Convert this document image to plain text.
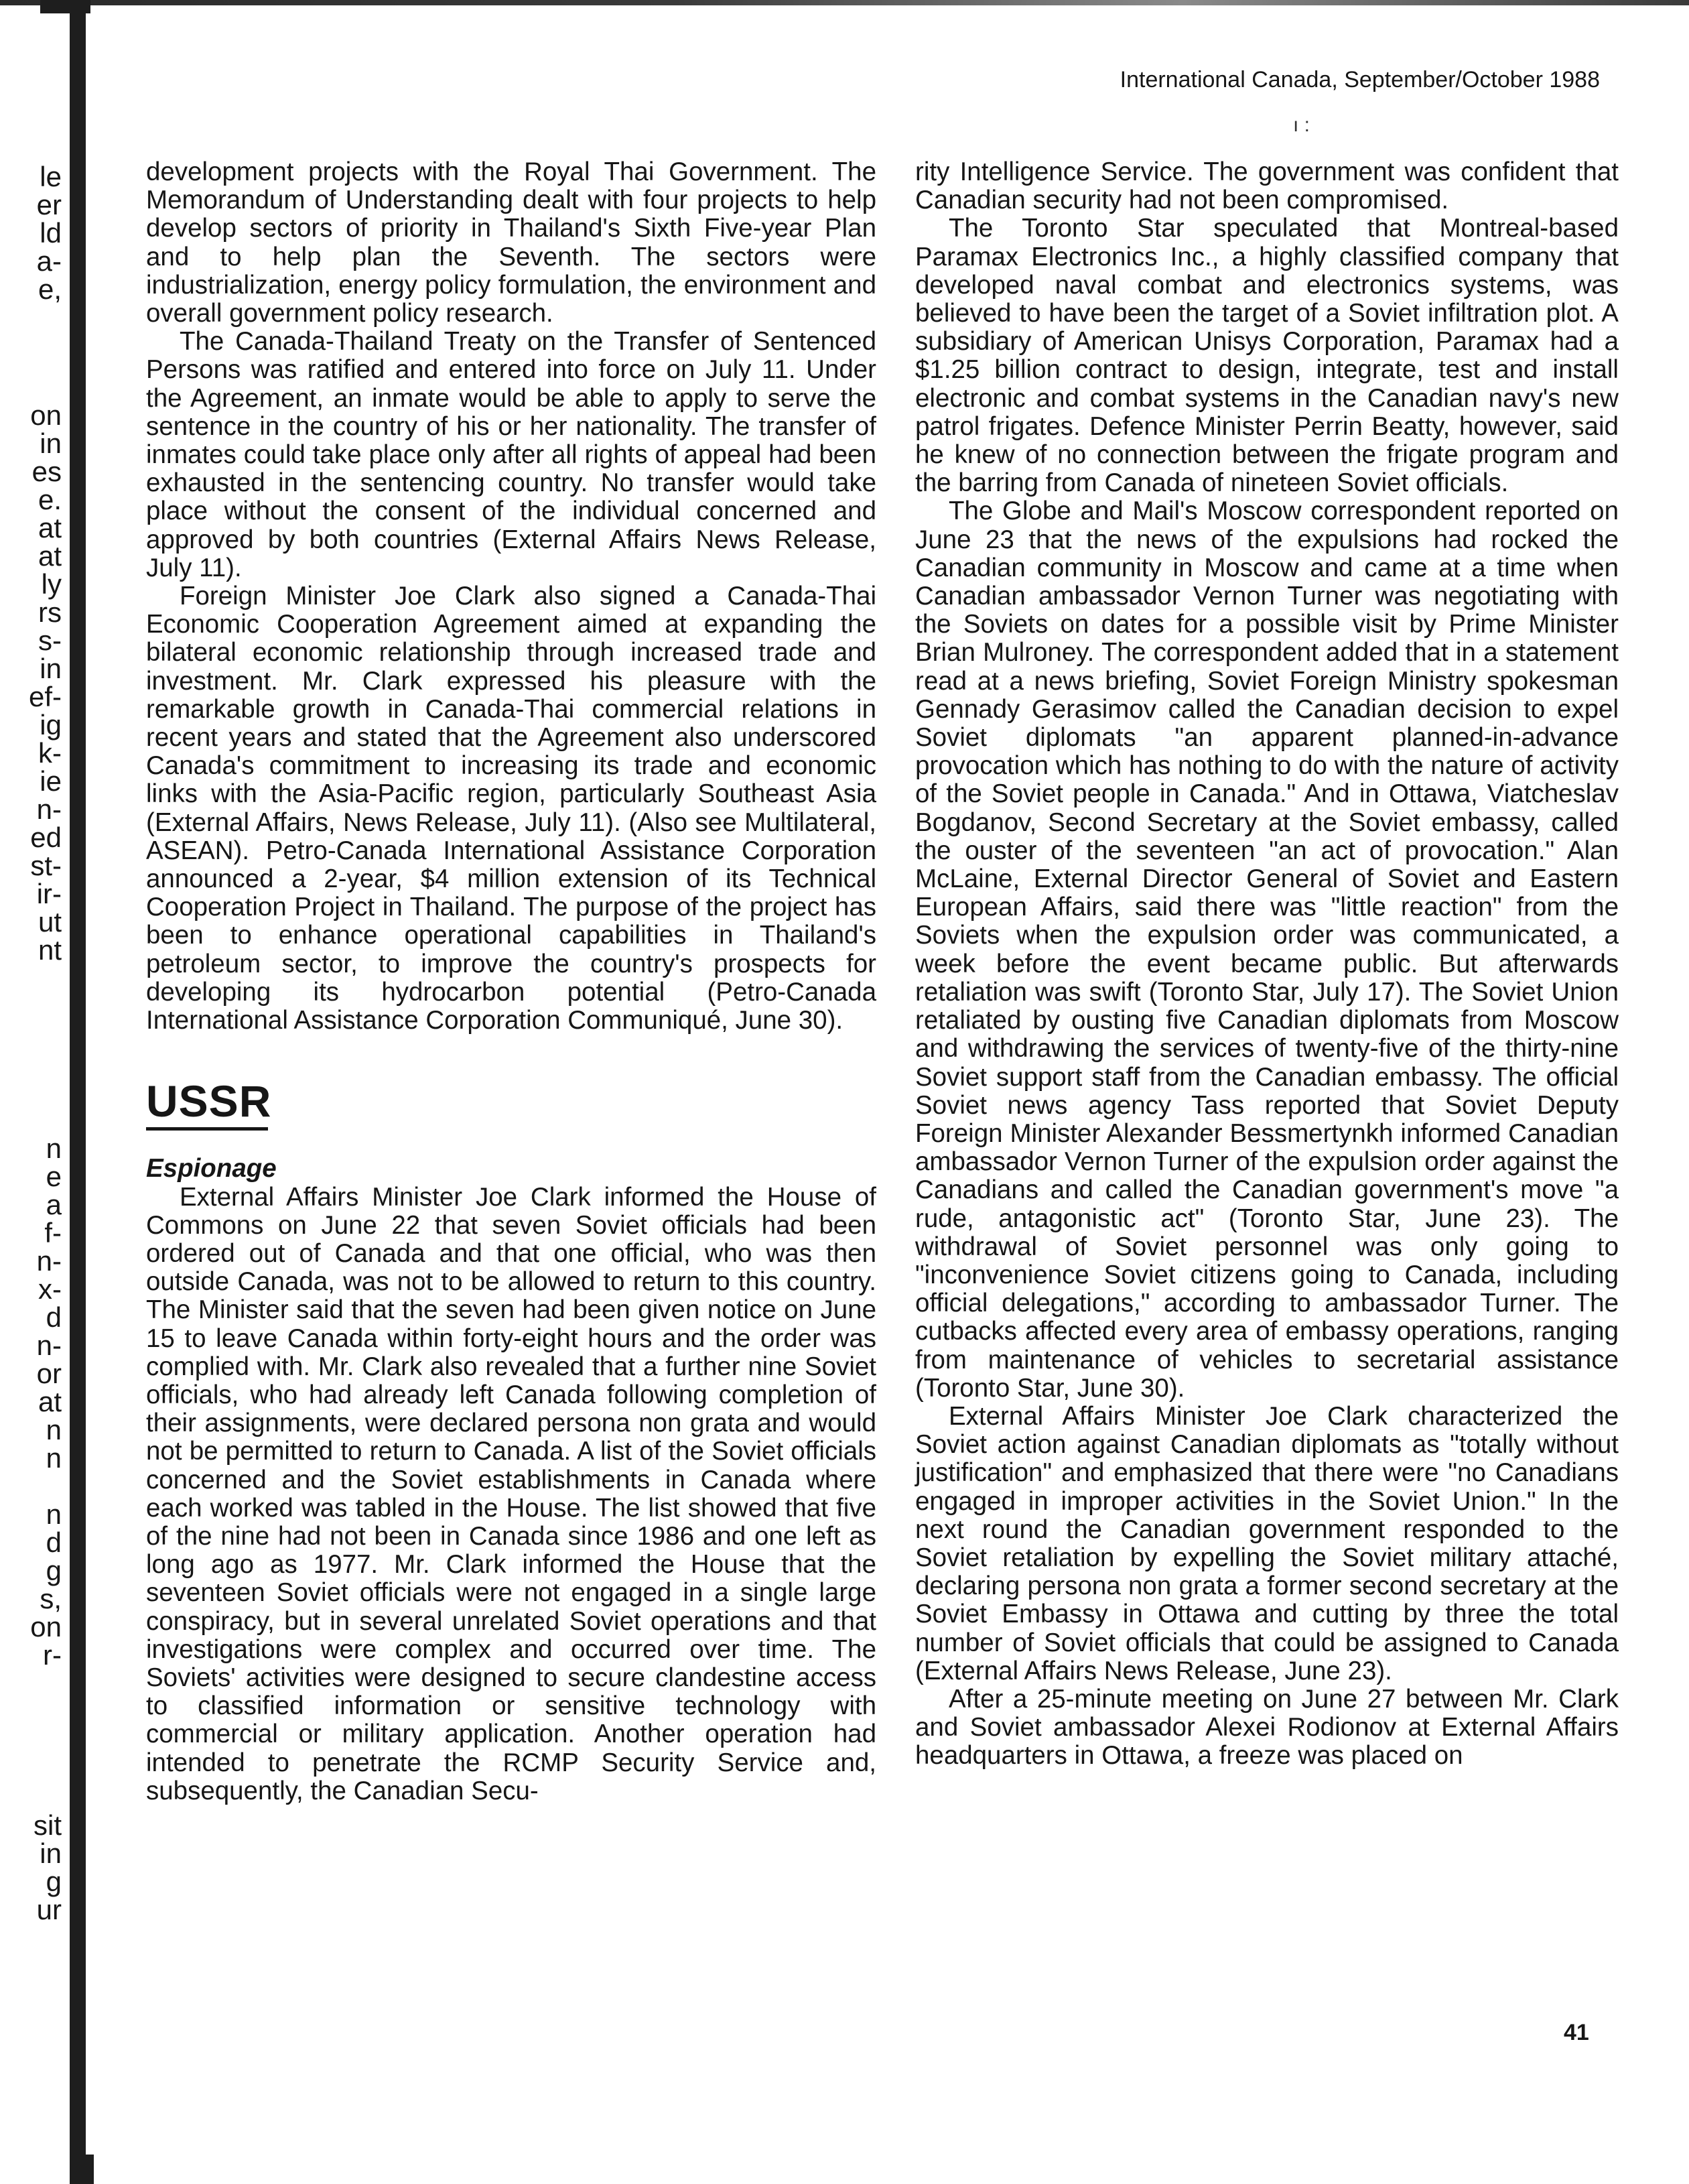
le
er
ld
a-
e,
on
in
es
e.
at
at
ly
rs
s-
in
ef-
ig
k-
ie
n-
ed
st-
ir-
ut
nt
n
e
a
f-
n-
x-
d
n-
or
at
n
n
n
d
g
s,
on
r-
sit
in
g
ur
International Canada, September/October 1988
ı :

development projects with the Royal Thai Government. The Memorandum of Understanding dealt with four projects to help develop sectors of priority in Thailand's Sixth Five-year Plan and to help plan the Seventh. The sectors were industrialization, energy policy formulation, the environment and overall government policy research.

The Canada-Thailand Treaty on the Transfer of Sentenced Persons was ratified and entered into force on July 11. Under the Agreement, an inmate would be able to apply to serve the sentence in the country of his or her nationality. The transfer of inmates could take place only after all rights of appeal had been exhausted in the sentencing country. No transfer would take place without the consent of the individual concerned and approved by both countries (External Affairs News Release, July 11).

Foreign Minister Joe Clark also signed a Canada-Thai Economic Cooperation Agreement aimed at expanding the bilateral economic relationship through increased trade and investment. Mr. Clark expressed his pleasure with the remarkable growth in Canada-Thai commercial relations in recent years and stated that the Agreement also underscored Canada's commitment to increasing its trade and economic links with the Asia-Pacific region, particularly Southeast Asia (External Affairs, News Release, July 11). (Also see Multilateral, ASEAN). Petro-Canada International Assistance Corporation announced a 2-year, $4 million extension of its Technical Cooperation Project in Thailand. The purpose of the project has been to enhance operational capabilities in Thailand's petroleum sector, to improve the country's prospects for developing its hydrocarbon potential (Petro-Canada International Assistance Corporation Communiqué, June 30).

USSR
Espionage

External Affairs Minister Joe Clark informed the House of Commons on June 22 that seven Soviet officials had been ordered out of Canada and that one official, who was then outside Canada, was not to be allowed to return to this country. The Minister said that the seven had been given notice on June 15 to leave Canada within forty-eight hours and the order was complied with. Mr. Clark also revealed that a further nine Soviet officials, who had already left Canada following completion of their assignments, were declared persona non grata and would not be permitted to return to Canada. A list of the Soviet officials concerned and the Soviet establishments in Canada where each worked was tabled in the House. The list showed that five of the nine had not been in Canada since 1986 and one left as long ago as 1977. Mr. Clark informed the House that the seventeen Soviet officials were not engaged in a single large conspiracy, but in several unrelated Soviet operations and that investigations were complex and occurred over time. The Soviets' activities were designed to secure clandestine access to classified information or sensitive technology with commercial or military application. Another operation had intended to penetrate the RCMP Security Service and, subsequently, the Canadian Secu-

rity Intelligence Service. The government was confident that Canadian security had not been compromised.

The Toronto Star speculated that Montreal-based Paramax Electronics Inc., a highly classified company that developed naval combat and electronics systems, was believed to have been the target of a Soviet infiltration plot. A subsidiary of American Unisys Corporation, Paramax had a $1.25 billion contract to design, integrate, test and install electronic and combat systems in the Canadian navy's new patrol frigates. Defence Minister Perrin Beatty, however, said he knew of no connection between the frigate program and the barring from Canada of nineteen Soviet officials.

The Globe and Mail's Moscow correspondent reported on June 23 that the news of the expulsions had rocked the Canadian community in Moscow and came at a time when Canadian ambassador Vernon Turner was negotiating with the Soviets on dates for a possible visit by Prime Minister Brian Mulroney. The correspondent added that in a statement read at a news briefing, Soviet Foreign Ministry spokesman Gennady Gerasimov called the Canadian decision to expel Soviet diplomats "an apparent planned-in-advance provocation which has nothing to do with the nature of activity of the Soviet people in Canada." And in Ottawa, Viatcheslav Bogdanov, Second Secretary at the Soviet embassy, called the ouster of the seventeen "an act of provocation." Alan McLaine, External Director General of Soviet and Eastern European Affairs, said there was "little reaction" from the Soviets when the expulsion order was communicated, a week before the event became public. But afterwards retaliation was swift (Toronto Star, July 17). The Soviet Union retaliated by ousting five Canadian diplomats from Moscow and withdrawing the services of twenty-five of the thirty-nine Soviet support staff from the Canadian embassy. The official Soviet news agency Tass reported that Soviet Deputy Foreign Minister Alexander Bessmertynkh informed Canadian ambassador Vernon Turner of the expulsion order against the Canadians and called the Canadian government's move "a rude, antagonistic act" (Toronto Star, June 23). The withdrawal of Soviet personnel was only going to "inconvenience Soviet citizens going to Canada, including official delegations," according to ambassador Turner. The cutbacks affected every area of embassy operations, ranging from maintenance of vehicles to secretarial assistance (Toronto Star, June 30).

External Affairs Minister Joe Clark characterized the Soviet action against Canadian diplomats as "totally without justification" and emphasized that there were "no Canadians engaged in improper activities in the Soviet Union." In the next round the Canadian government responded to the Soviet retaliation by expelling the Soviet military attaché, declaring persona non grata a former second secretary at the Soviet Embassy in Ottawa and cutting by three the total number of Soviet officials that could be assigned to Canada (External Affairs News Release, June 23).

After a 25-minute meeting on June 27 between Mr. Clark and Soviet ambassador Alexei Rodionov at External Affairs headquarters in Ottawa, a freeze was placed on

41
